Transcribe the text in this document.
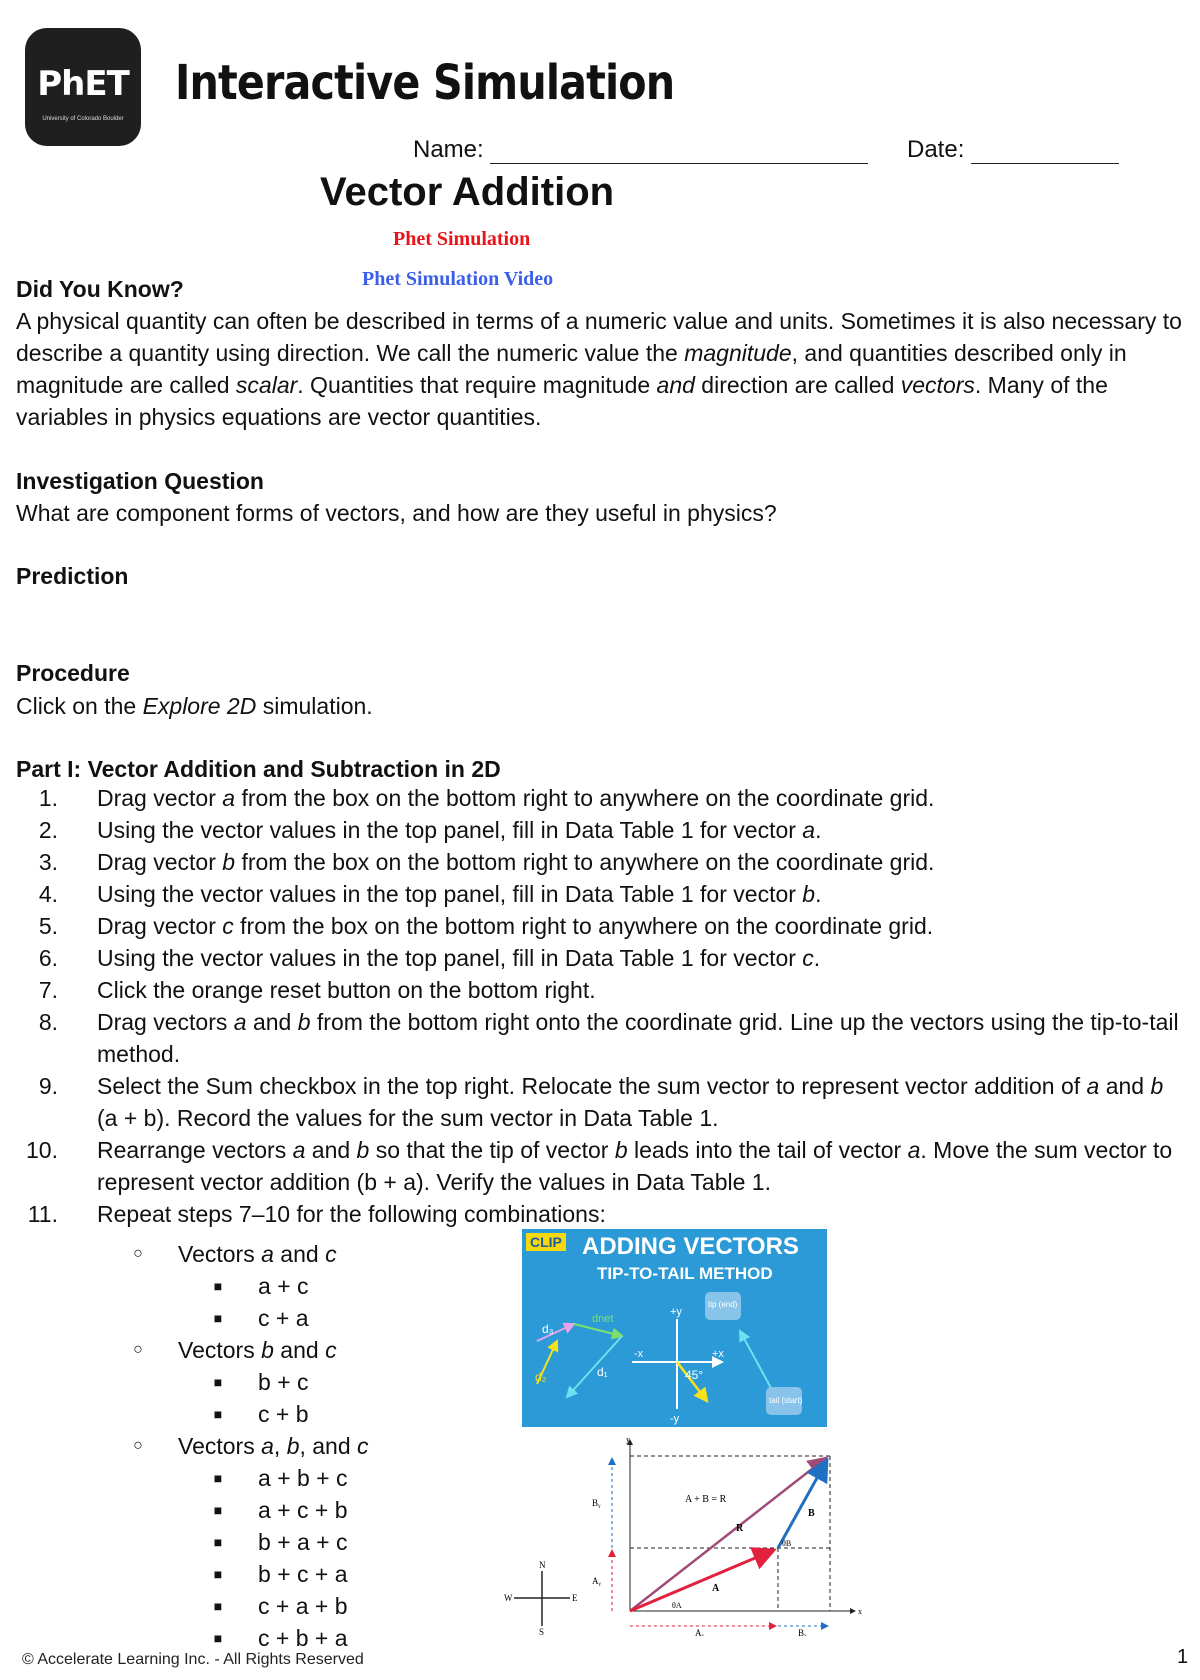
PhET
University of Colorado Boulder
Interactive Simulation
Name:	Date:
Vector Addition
Phet Simulation
Phet Simulation Video
Did You Know?
A physical quantity can often be described in terms of a numeric value and units. Sometimes it is also necessary to describe a quantity using direction. We call the numeric value the magnitude, and quantities described only in magnitude are called scalar. Quantities that require magnitude and direction are called vectors. Many of the variables in physics equations are vector quantities.
Investigation Question
What are component forms of vectors, and how are they useful in physics?
Prediction
Procedure
Click on the Explore 2D simulation.
Part I: Vector Addition and Subtraction in 2D
1. Drag vector a from the box on the bottom right to anywhere on the coordinate grid.
2. Using the vector values in the top panel, fill in Data Table 1 for vector a.
3. Drag vector b from the box on the bottom right to anywhere on the coordinate grid.
4. Using the vector values in the top panel, fill in Data Table 1 for vector b.
5. Drag vector c from the box on the bottom right to anywhere on the coordinate grid.
6. Using the vector values in the top panel, fill in Data Table 1 for vector c.
7. Click the orange reset button on the bottom right.
8. Drag vectors a and b from the bottom right onto the coordinate grid. Line up the vectors using the tip-to-tail method.
9. Select the Sum checkbox in the top right. Relocate the sum vector to represent vector addition of a and b (a + b). Record the values for the sum vector in Data Table 1.
10. Rearrange vectors a and b so that the tip of vector b leads into the tail of vector a. Move the sum vector to represent vector addition (b + a). Verify the values in Data Table 1.
11. Repeat steps 7–10 for the following combinations:
○ Vectors a and c
■ a + c
■ c + a
○ Vectors b and c
■ b + c
■ c + b
○ Vectors a, b, and c
■ a + b + c
■ a + c + b
■ b + a + c
■ b + c + a
■ c + a + b
■ c + b + a
CLIP ADDING VECTORS
TIP-TO-TAIL METHOD
d₃
dnet
d₁
d₂
+y
-y
-x	+x
45°
tip (end)
tail (start)
A + B = R
R
A
B
Aₓ	Bₓ
Aᵧ
Bᵧ
θA
θB
x
y
N
S
E
W
© Accelerate Learning Inc. - All Rights Reserved	1
